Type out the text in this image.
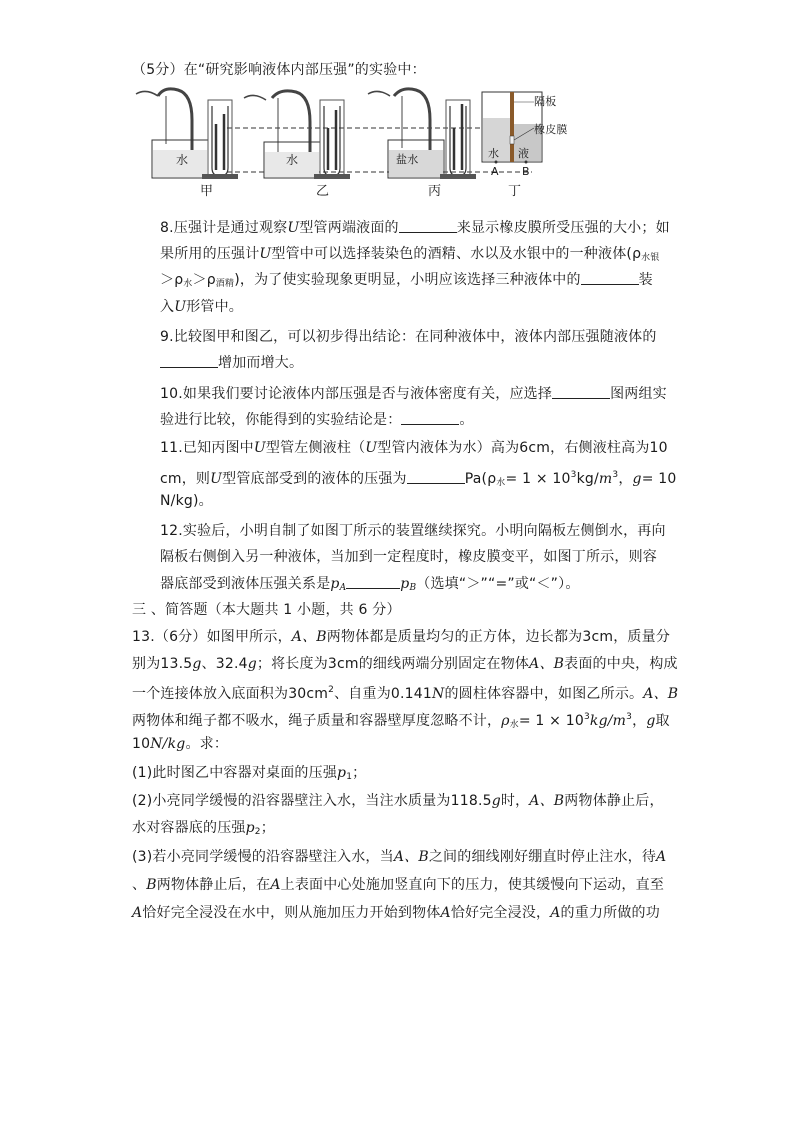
（5分）在“研究影响液体内部压强”的实验中：
水	水	盐水
隔板
橡皮膜
水 液
A B
甲	乙	丙	丁
8.压强计是通过观察U型管两端液面的	来显示橡皮膜所受压强的大小；如
果所用的压强计U型管中可以选择装染色的酒精、水以及水银中的一种液体($\rho_{水银}$
$>\rho_水>\rho_{酒精}$)，为了使实验现象更明显，小明应该选择三种液体中的	装
入U形管中。
9.比较图甲和图乙，可以初步得出结论：在同种液体中，液体内部压强随液体的
增加而增大。
10.如果我们要讨论液体内部压强是否与液体密度有关，应选择	图两组实
验进行比较，你能得到的实验结论是：	。
11.已知丙图中U型管左侧液柱（U型管内液体为水）高为6cm，右侧液柱高为10
cm，则U型管底部受到的液体的压强为	$Pa(\rho_水= 1 \times 10^3kg/m^3$，g= 10
N/kg)。
12.实验后，小明自制了如图丁所示的装置继续探究。小明向隔板左侧倒水，再向
隔板右侧倒入另一种液体，当加到一定程度时，橡皮膜变平，如图丁所示，则容
器底部受到液体压强关系是$p_A$	$p_B$（选填“＞”“=”或“＜”）。
三 、简答题（本大题共 1 小题，共 6 分）
13.（6分）如图甲所示，A、B两物体都是质量均匀的正方体，边长都为3cm，质量分
别为13.5g、32.4g；将长度为3cm的细线两端分别固定在物体A、B表面的中央，构成
一个连接体放入底面积为$30cm^2$、自重为0.141N的圆柱体容器中，如图乙所示。A、B
两物体和绳子都不吸水，绳子质量和容器壁厚度忽略不计，$\rho_水= 1 \times 10^3kg/m^3$，g取
10N/kg。求：
(1)此时图乙中容器对桌面的压强$p_1$；
(2)小亮同学缓慢的沿容器壁注入水，当注水质量为118.5g时，A、B两物体静止后，
水对容器底的压强$p_2$；
(3)若小亮同学缓慢的沿容器壁注入水，当A、B之间的细线刚好绷直时停止注水，待A
、B两物体静止后，在A上表面中心处施加竖直向下的压力，使其缓慢向下运动，直至
A恰好完全浸没在水中，则从施加压力开始到物体A恰好完全浸没，A的重力所做的功
